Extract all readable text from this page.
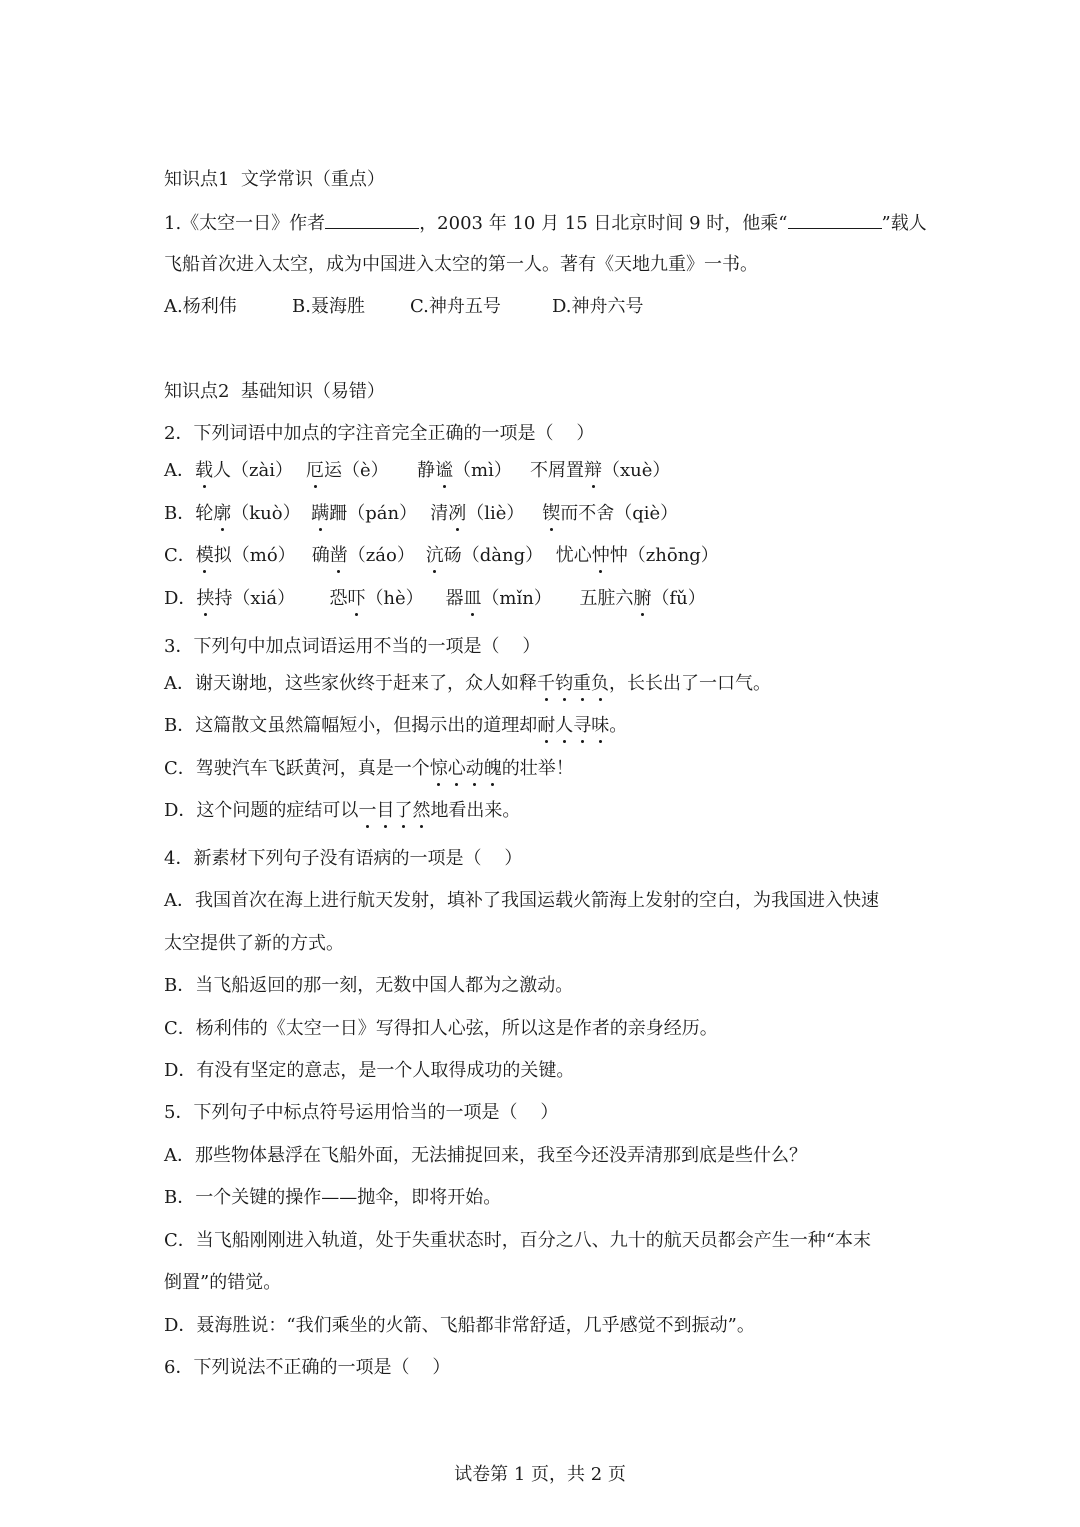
知识点1  文学常识（重点）
1.《太空一日》作者	，2003 年 10 月 15 日北京时间 9 时，他乘“	”载人
飞船首次进入太空，成为中国进入太空的第一人。著有《天地九重》一书。
A.杨利伟	B.聂海胜	C.神舟五号	D.神舟六号
知识点2  基础知识（易错）
2．下列词语中加点的字注音完全正确的一项是（    ）
A．载人（zài） 厄运（è） 静谧（mì） 不屑置辩（xuè）
B．轮廓（kuò） 蹒跚（pán） 清冽（liè） 锲而不舍（qiè）
C．模拟（mó） 确凿（záo） 沆砀（dàng） 忧心忡忡（zhōng）
D．挟持（xiá） 恐吓（hè） 器皿（mǐn） 五脏六腑（fǔ）
3．下列句中加点词语运用不当的一项是（    ）
A．谢天谢地，这些家伙终于赶来了，众人如释千钧重负，长长出了一口气。
B．这篇散文虽然篇幅短小，但揭示出的道理却耐人寻味。
C．驾驶汽车飞跃黄河，真是一个惊心动魄的壮举！
D．这个问题的症结可以一目了然地看出来。
4．新素材下列句子没有语病的一项是（    ）
A．我国首次在海上进行航天发射，填补了我国运载火箭海上发射的空白，为我国进入快速
太空提供了新的方式。
B．当飞船返回的那一刻，无数中国人都为之激动。
C．杨利伟的《太空一日》写得扣人心弦，所以这是作者的亲身经历。
D．有没有坚定的意志，是一个人取得成功的关键。
5．下列句子中标点符号运用恰当的一项是（    ）
A．那些物体悬浮在飞船外面，无法捕捉回来，我至今还没弄清那到底是些什么？
B．一个关键的操作——抛伞，即将开始。
C．当飞船刚刚进入轨道，处于失重状态时，百分之八、九十的航天员都会产生一种“本末
倒置”的错觉。
D．聂海胜说：“我们乘坐的火箭、飞船都非常舒适，几乎感觉不到振动”。
6．下列说法不正确的一项是（    ）
试卷第 1 页，共 2 页
